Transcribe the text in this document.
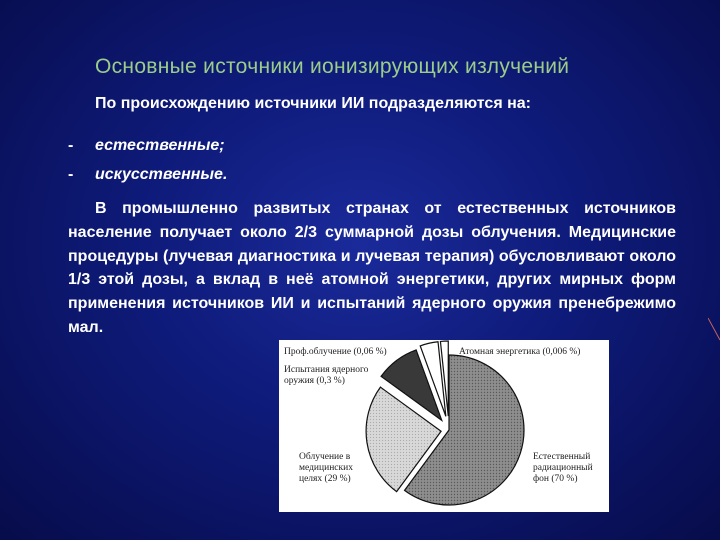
Основные источники ионизирующих излучений
По происхождению источники ИИ подразделяются на:
- естественные;
- искусственные.
В промышленно развитых странах от естественных источников население получает около 2/3 суммарной дозы облучения. Медицинские процедуры (лучевая диагностика и лучевая терапия) обусловливают около 1/3 этой дозы, а вклад в неё атомной энергетики, других мирных форм применения источников ИИ и испытаний ядерного оружия пренебрежимо мал.
Проф.облучение (0,06 %)	Атомная энергетика (0,006 %)
Испытания ядерного
оружия (0,3 %)
Облучение в
медицинских
целях (29 %)
Естественный
радиационный
фон (70 %)
